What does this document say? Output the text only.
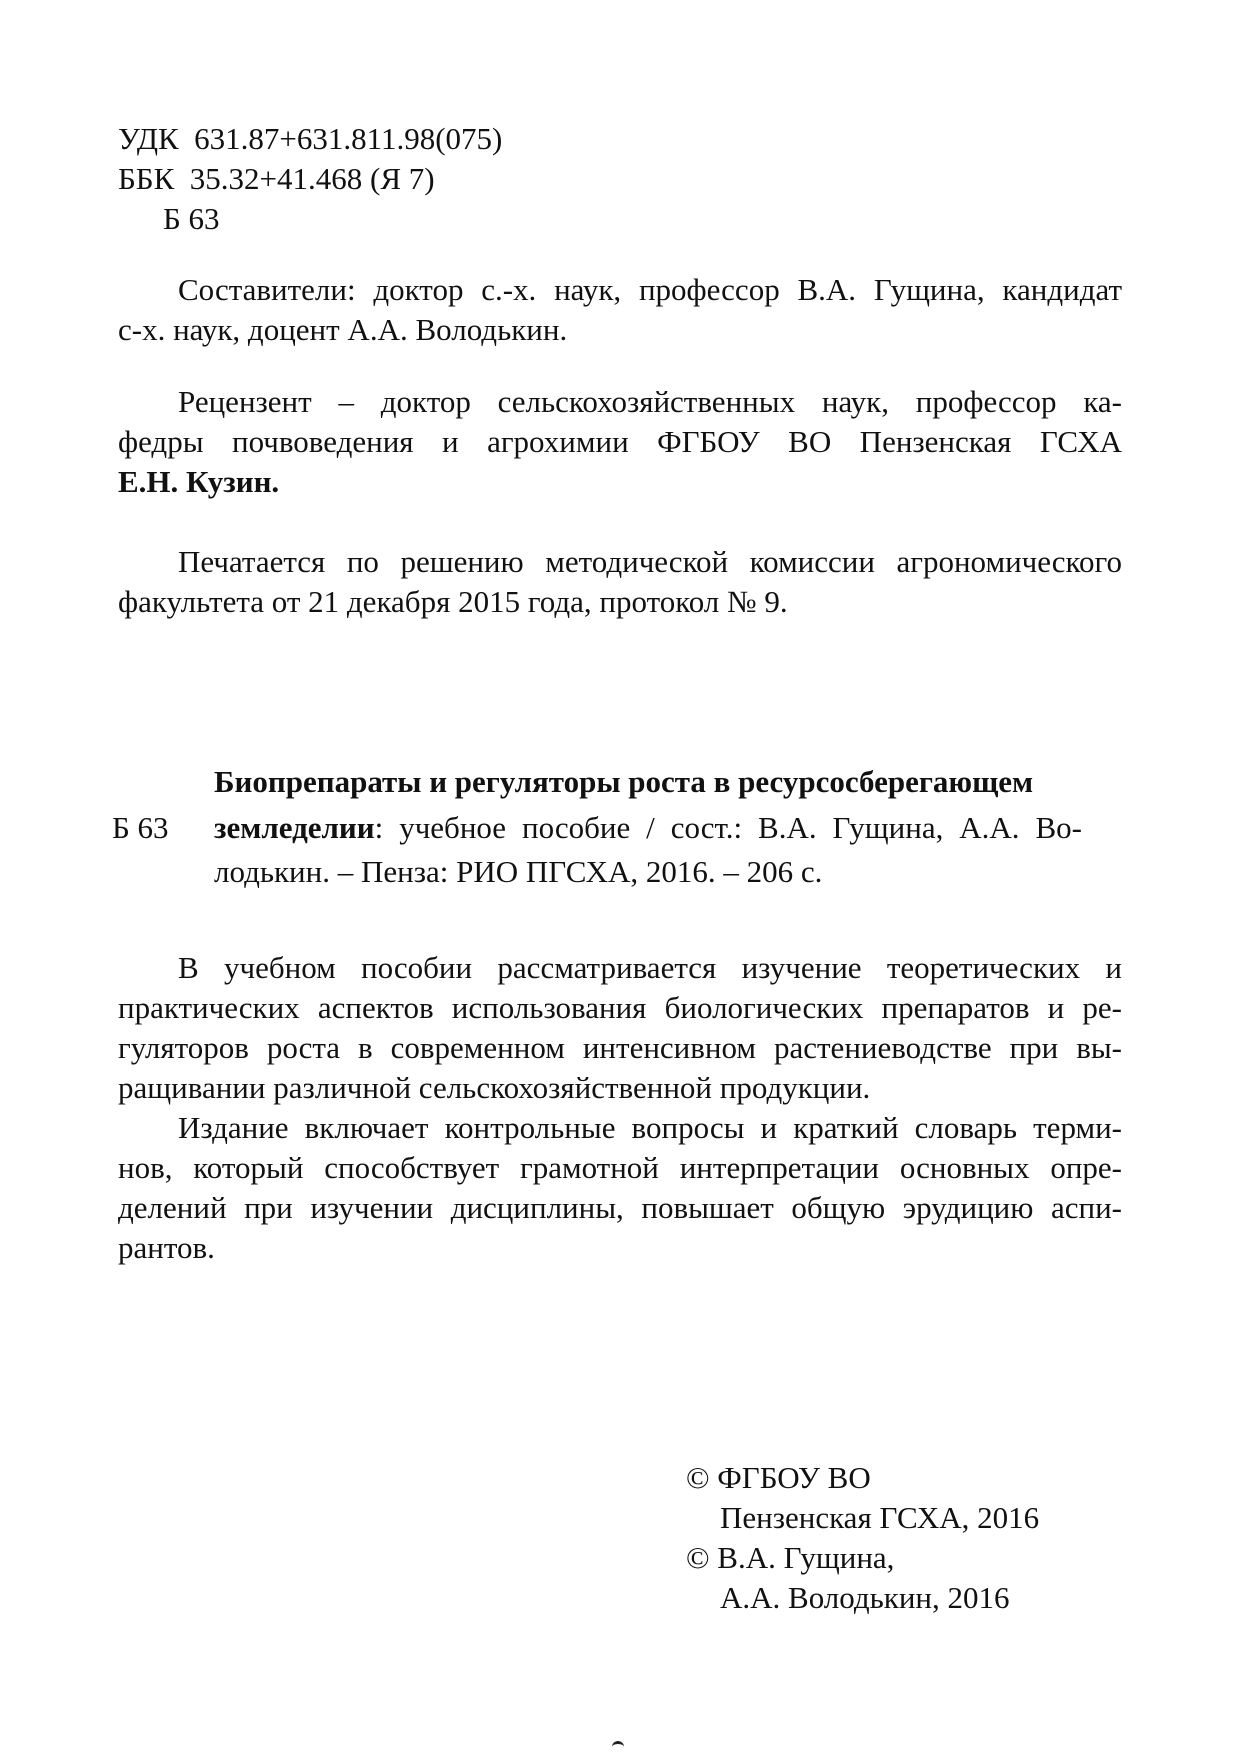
УДК  631.87+631.811.98(075)
ББК  35.32+41.468 (Я 7)
Б 63
Составители: доктор с.-х. наук, профессор В.А. Гущина, кандидат
с-х. наук, доцент А.А. Володькин.
Рецензент – доктор сельскохозяйственных наук, профессор ка-
федры почвоведения и агрохимии ФГБОУ ВО Пензенская ГСХА
Е.Н. Кузин.
Печатается по решению методической комиссии агрономического
факультета от 21 декабря 2015 года, протокол № 9.
Б 63
Биопрепараты и регуляторы роста в ресурсосберегающем
земледелии: учебное пособие / сост.: В.А. Гущина, А.А. Во-
лодькин. – Пенза: РИО ПГСХА, 2016. – 206 с.
В учебном пособии рассматривается изучение теоретических и
практических аспектов использования биологических препаратов и ре-
гуляторов роста в современном интенсивном растениеводстве при вы-
ращивании различной сельскохозяйственной продукции.
Издание включает контрольные вопросы и краткий словарь терми-
нов, который способствует грамотной интерпретации основных опре-
делений при изучении дисциплины, повышает общую эрудицию аспи-
рантов.
© ФГБОУ ВО
Пензенская ГСХА, 2016
© В.А. Гущина,
А.А. Володькин, 2016
